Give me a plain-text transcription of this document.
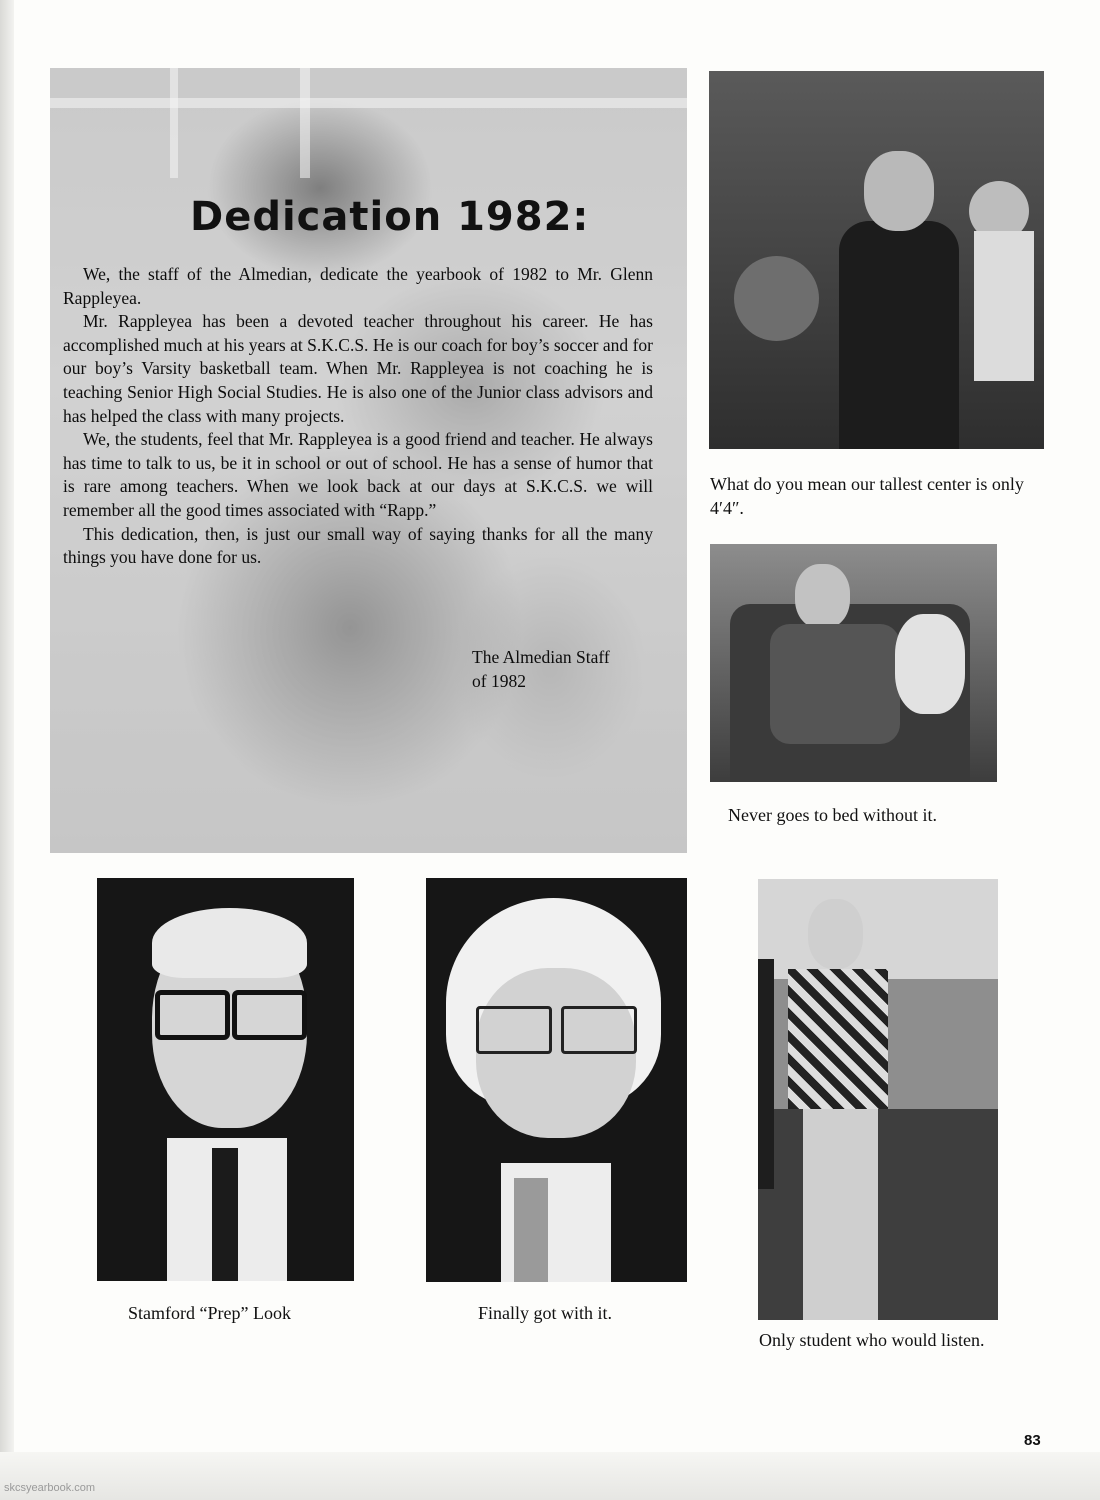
Dedication 1982:

We, the staff of the Almedian, dedicate the yearbook of 1982 to Mr. Glenn Rappleyea.

Mr. Rappleyea has been a devoted teacher throughout his career. He has accomplished much at his years at S.K.C.S. He is our coach for boy’s soccer and for our boy’s Varsity basketball team. When Mr. Rappleyea is not coaching he is teaching Senior High Social Studies. He is also one of the Junior class advisors and has helped the class with many projects.

We, the students, feel that Mr. Rappleyea is a good friend and teacher. He always has time to talk to us, be it in school or out of school. He has a sense of humor that is rare among teachers. When we look back at our days at S.K.C.S. we will remember all the good times associated with “Rapp.”

This dedication, then, is just our small way of saying thanks for all the many things you have done for us.

The Almedian Staff
of 1982

What do you mean our tallest center is only 4′4″.

Never goes to bed without it.

Stamford “Prep” Look	Finally got with it.

Only student who would listen.

83
skcsyearbook.com
